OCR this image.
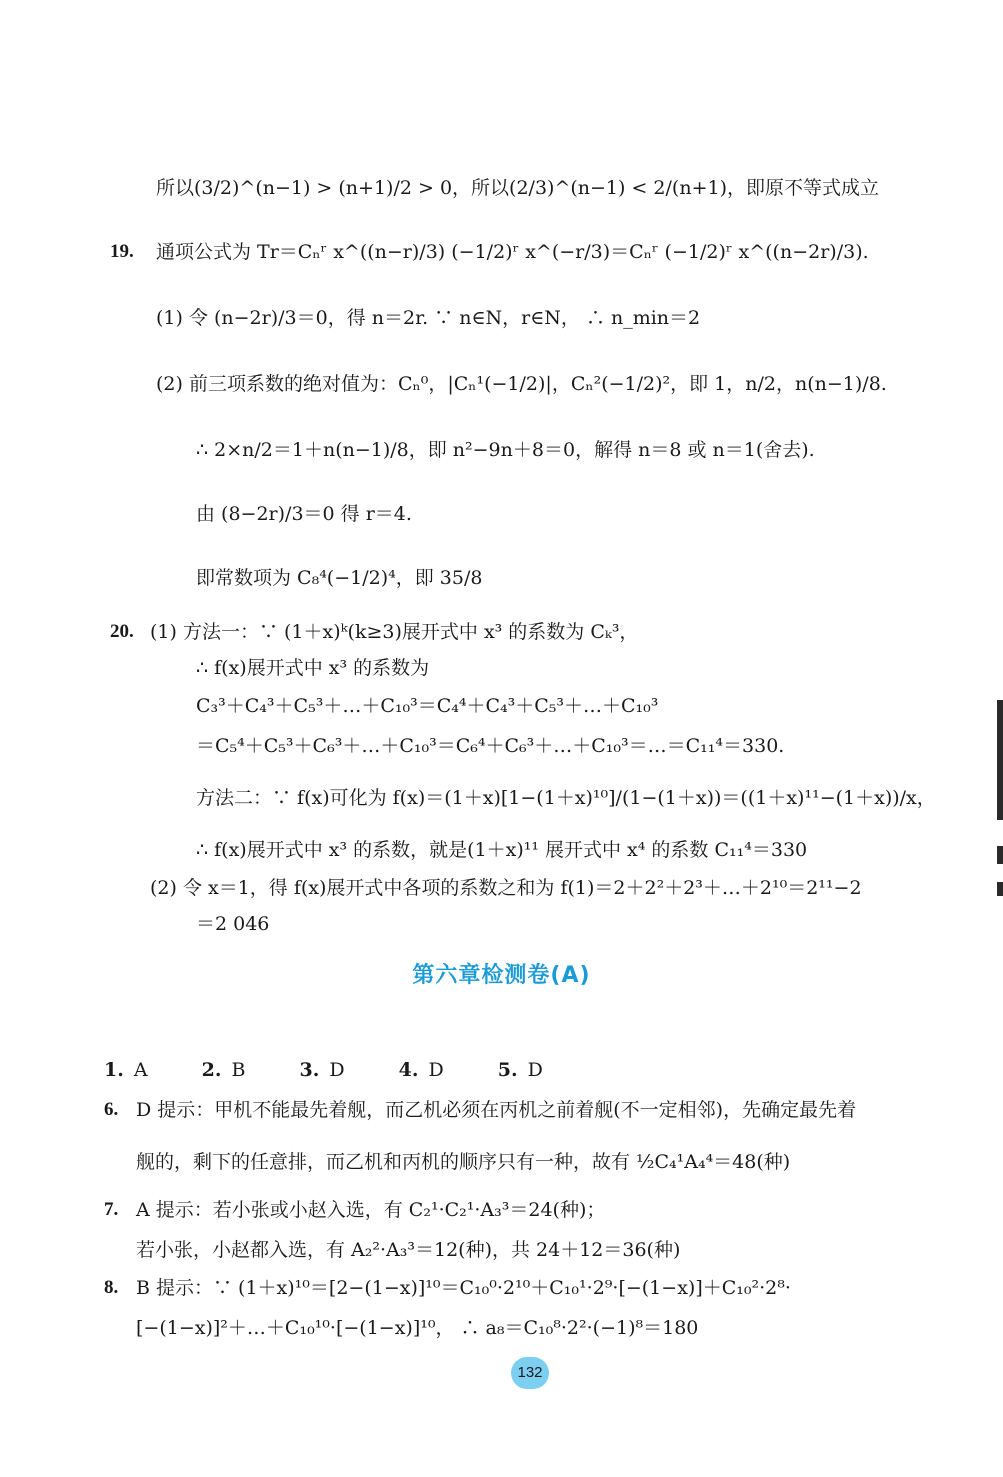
所以(3/2)^(n−1) > (n+1)/2 > 0，所以(2/3)^(n−1) < 2/(n+1)，即原不等式成立
19. 通项公式为 Tr＝Cₙʳ x^((n−r)/3) (−1/2)ʳ x^(−r/3)＝Cₙʳ (−1/2)ʳ x^((n−2r)/3).
(1) 令 (n−2r)/3＝0，得 n＝2r. ∵ n∈N，r∈N， ∴ n_min＝2
(2) 前三项系数的绝对值为：Cₙ⁰，|Cₙ¹(−1/2)|，Cₙ²(−1/2)²，即 1，n/2，n(n−1)/8.
∴ 2×n/2＝1＋n(n−1)/8，即 n²−9n＋8＝0，解得 n＝8 或 n＝1(舍去).
由 (8−2r)/3＝0 得 r＝4.
即常数项为 C₈⁴(−1/2)⁴，即 35/8
20. (1) 方法一：∵ (1＋x)ᵏ(k≥3)展开式中 x³ 的系数为 Cₖ³，
∴ f(x)展开式中 x³ 的系数为
C₃³＋C₄³＋C₅³＋…＋C₁₀³＝C₄⁴＋C₄³＋C₅³＋…＋C₁₀³
＝C₅⁴＋C₅³＋C₆³＋…＋C₁₀³＝C₆⁴＋C₆³＋…＋C₁₀³＝…＝C₁₁⁴＝330.
方法二：∵ f(x)可化为 f(x)＝(1＋x)[1−(1＋x)¹⁰]/(1−(1＋x))＝((1＋x)¹¹−(1＋x))/x，
∴ f(x)展开式中 x³ 的系数，就是(1＋x)¹¹ 展开式中 x⁴ 的系数 C₁₁⁴＝330
(2) 令 x＝1，得 f(x)展开式中各项的系数之和为 f(1)＝2＋2²＋2³＋…＋2¹⁰＝2¹¹−2
＝2 046
第六章检测卷(A)
1. A	2. B	3. D	4. D	5. D
6. D 提示：甲机不能最先着舰，而乙机必须在丙机之前着舰(不一定相邻)，先确定最先着
舰的，剩下的任意排，而乙机和丙机的顺序只有一种，故有 ½C₄¹A₄⁴＝48(种)
7. A 提示：若小张或小赵入选，有 C₂¹·C₂¹·A₃³＝24(种)；
若小张，小赵都入选，有 A₂²·A₃³＝12(种)，共 24＋12＝36(种)
8. B 提示：∵ (1＋x)¹⁰＝[2−(1−x)]¹⁰＝C₁₀⁰·2¹⁰＋C₁₀¹·2⁹·[−(1−x)]＋C₁₀²·2⁸·
[−(1−x)]²＋…＋C₁₀¹⁰·[−(1−x)]¹⁰， ∴ a₈＝C₁₀⁸·2²·(−1)⁸＝180
132
